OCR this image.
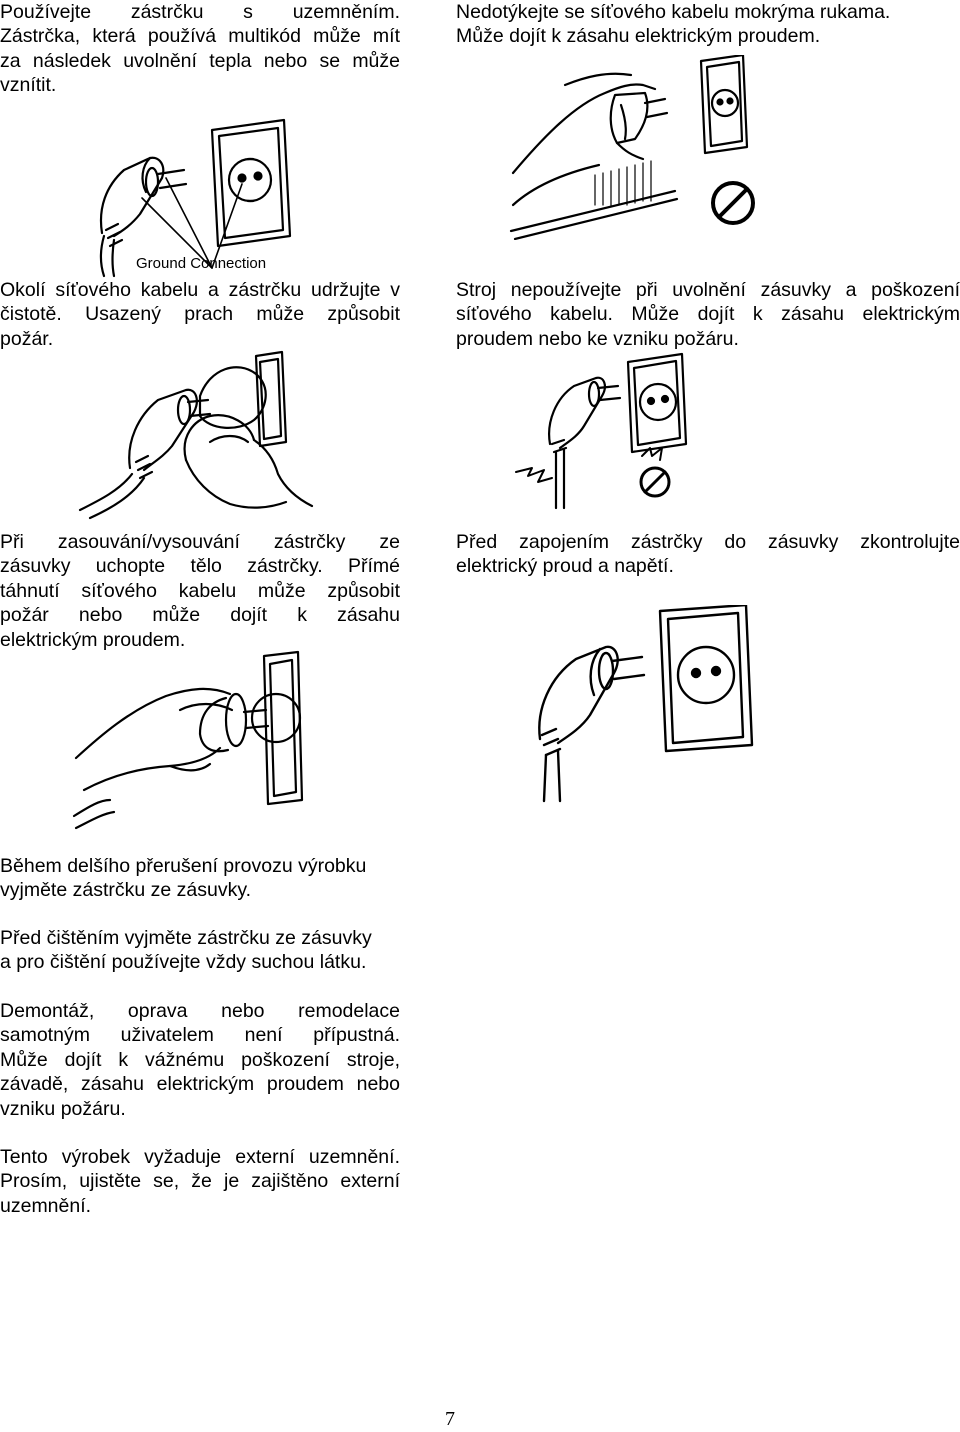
Používejte zástrčku s uzemněním.
Zástrčka, která používá multikód může mít
za následek uvolnění tepla nebo se může
vznítit.
Nedotýkejte se síťového kabelu mokrýma rukama.
Může dojít k zásahu elektrickým proudem.
Okolí síťového kabelu a zástrčku udržujte v
čistotě. Usazený prach může způsobit
požár.
Stroj nepoužívejte při uvolnění zásuvky a poškození
síťového kabelu. Může dojít k zásahu elektrickým
proudem nebo ke vzniku požáru.
Při zasouvání/vysouvání zástrčky ze
zásuvky uchopte tělo zástrčky. Přímé
táhnutí síťového kabelu může způsobit
požár nebo může dojít k zásahu
elektrickým proudem.
Před zapojením zástrčky do zásuvky zkontrolujte
elektrický proud a napětí.
Během delšího přerušení provozu výrobku
vyjměte zástrčku ze zásuvky.
Před čištěním vyjměte zástrčku ze zásuvky
a pro čištění používejte vždy suchou látku.
Demontáž, oprava nebo remodelace
samotným uživatelem není přípustná.
Může dojít k vážnému poškození stroje,
závadě, zásahu elektrickým proudem nebo
vzniku požáru.
Tento výrobek vyžaduje externí uzemnění.
Prosím, ujistěte se, že je zajištěno externí
uzemnění.
Ground Connection
7
